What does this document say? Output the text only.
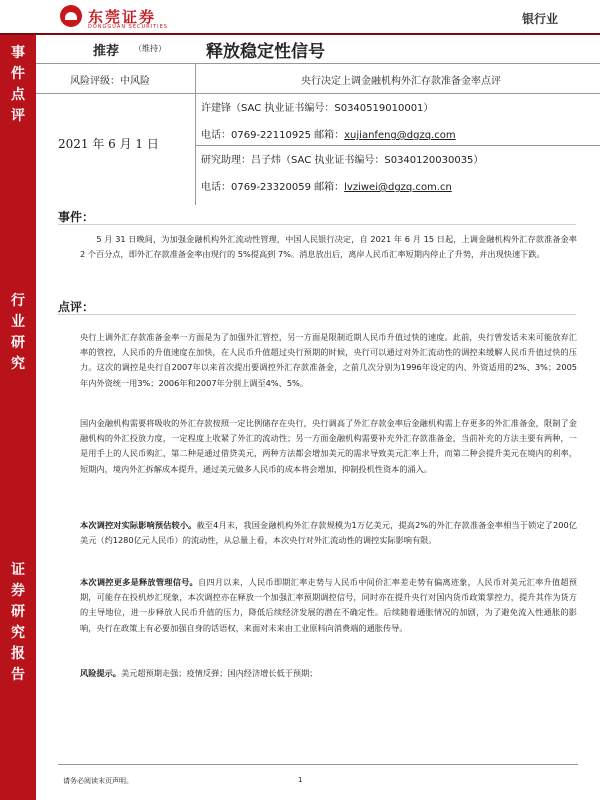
东莞证券
DONGGUAN SECURITIES
银行业
事
件
点
评
行
业
研
究
证
券
研
究
报
告
推荐 （维持） 释放稳定性信号
风险评级：中风险	央行决定上调金融机构外汇存款准备金率点评
2021 年 6 月 1 日
许建锋（SAC 执业证书编号：S0340519010001）
电话：0769-22110925 邮箱：xujianfeng@dgzq.com
研究助理：吕子炜（SAC 执业证书编号：S0340120030035）
电话：0769-23320059 邮箱：lvziwei@dgzq.com.cn
事件：
5 月 31 日晚间，为加强金融机构外汇流动性管理，中国人民银行决定，自 2021 年 6 月 15 日起，上调金融机构外汇存款准备金率 2 个百分点，即外汇存款准备金率由现行的 5%提高到 7%。消息放出后，离岸人民币汇率短期内停止了升势，并出现快速下跌。
点评：
央行上调外汇存款准备金率一方面是为了加强外汇管控，另一方面是限制近期人民币升值过快的速度。此前，央行曾发话未来可能放弃汇率的管控，人民币的升值速度在加快，在人民币升值超过央行预期的时候，央行可以通过对外汇流动性的调控来缓解人民币升值过快的压力。这次的调控是央行自2007年以来首次提出要调控外汇存款准备金，之前几次分别为1996年设定的内、外资适用的2%、3%；2005年内外资统一用3%；2006年和2007年分别上调至4%、5%。
国内金融机构需要将吸收的外汇存款按照一定比例储存在央行，央行调高了外汇存款金率后金融机构需上存更多的外汇准备金，限制了金融机构的外汇投放力度，一定程度上收紧了外汇的流动性；另一方面金融机构需要补充外汇存款准备金，当前补充的方法主要有两种，一是用手上的人民币购汇，第二种是通过借贷美元，两种方法都会增加美元的需求导致美元汇率上升，而第二种会提升美元在境内的利率，短期内，境内外汇拆解成本提升，通过美元做多人民币的成本将会增加，抑制投机性资本的涌入。
本次调控对实际影响预估较小。截至4月末，我国金融机构外汇存款规模为1万亿美元，提高2%的外汇存款准备金率相当于锁定了200亿美元（约1280亿元人民币）的流动性，从总量上看，本次央行对外汇流动性的调控实际影响有限。
本次调控更多是释放管理信号。自四月以来，人民币即期汇率走势与人民币中间价汇率差走势有偏离迹象，人民币对美元汇率升值超预期，可能存在投机炒汇现象，本次调控亦在释放一个加强汇率预期调控信号，同时亦在提升央行对国内货币政策掌控力，提升其作为货方的主导地位，进一步释放人民币升值的压力，降低后续经济发展的潜在不确定性。后续随着通胀情况的加剧，为了避免流入性通胀的影响，央行在政策上有必要加强自身的话语权，来面对未来由工业原料向消费端的通胀传导。
风险提示。美元超预期走强；疫情反弹；国内经济增长低于预期；
请务必阅读末页声明。	1
